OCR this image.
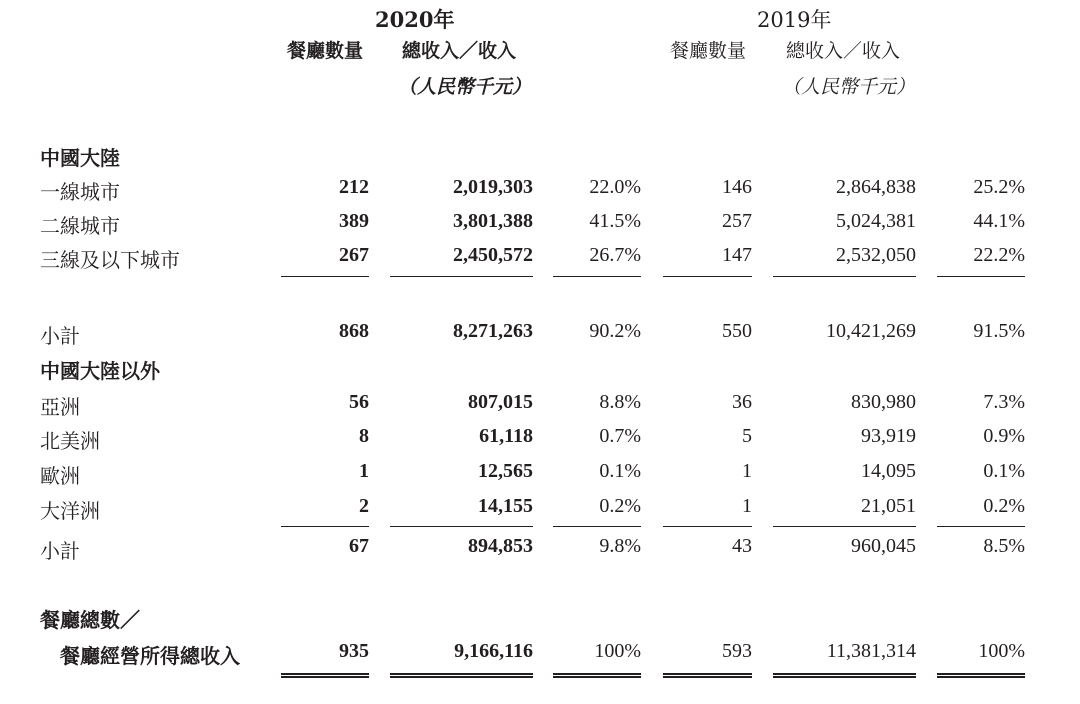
2020年	2019年
餐廳數量 總收入／收入
（人民幣千元）
餐廳數量 總收入／收入
（人民幣千元）
中國大陸
一線城市	212	2,019,303	22.0%	146	2,864,838	25.2%
二線城市	389	3,801,388	41.5%	257	5,024,381	44.1%
三線及以下城市	267	2,450,572	26.7%	147	2,532,050	22.2%
小計	868	8,271,263	90.2%	550	10,421,269	91.5%
中國大陸以外
亞洲	56	807,015	8.8%	36	830,980	7.3%
北美洲	8	61,118	0.7%	5	93,919	0.9%
歐洲	1	12,565	0.1%	1	14,095	0.1%
大洋洲	2	14,155	0.2%	1	21,051	0.2%
小計	67	894,853	9.8%	43	960,045	8.5%
餐廳總數／
餐廳經營所得總收入	935	9,166,116	100%	593	11,381,314	100%
